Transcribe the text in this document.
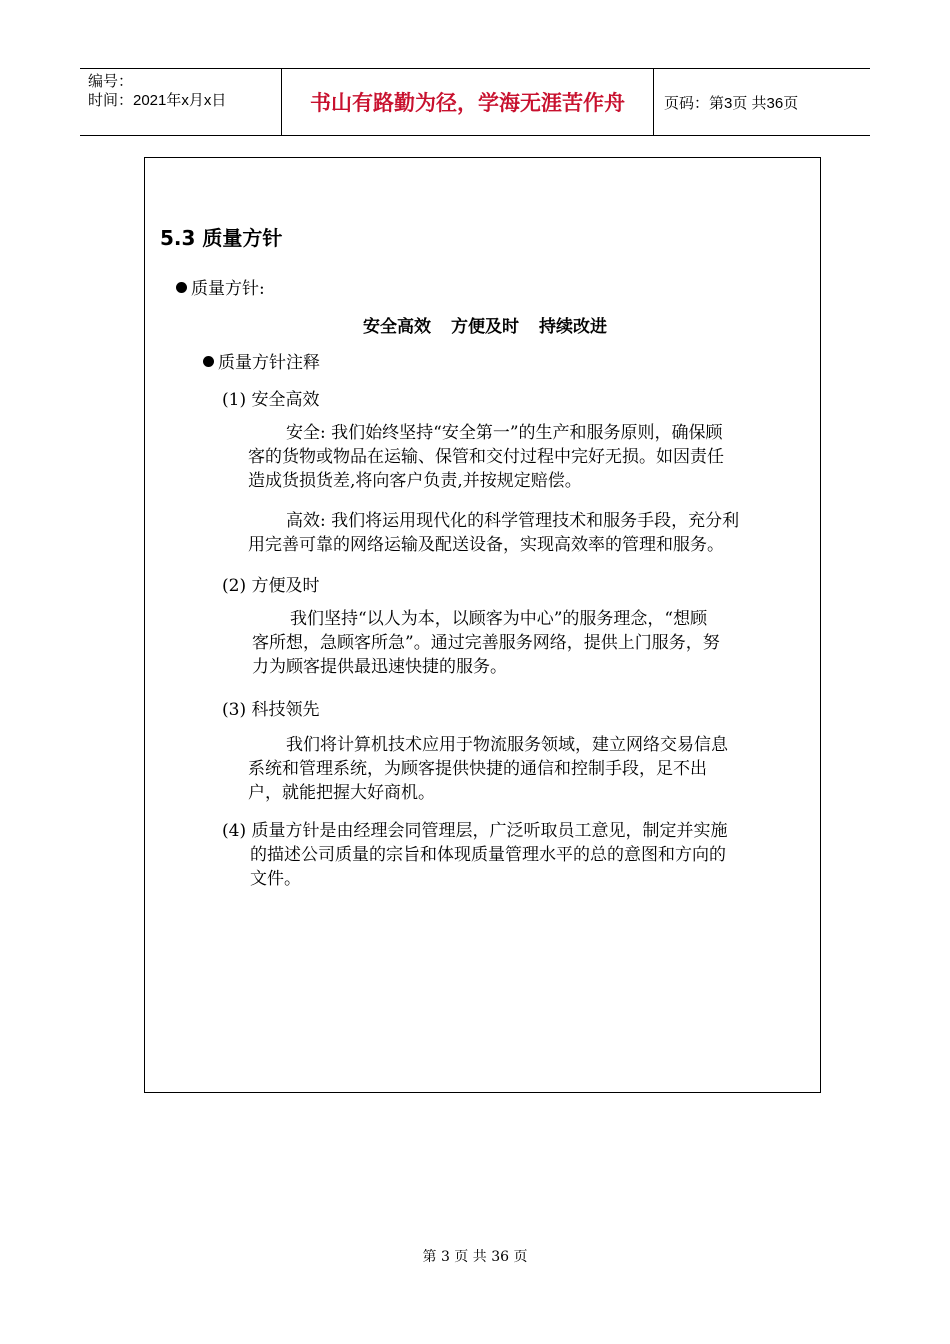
编号：
时间：2021年x月x日	书山有路勤为径，学海无涯苦作舟	页码：第3页 共36页
5.3 质量方针
质量方针:
安全高效 方便及时 持续改进
质量方针注释
(1) 安全高效
安全: 我们始终坚持“安全第一”的生产和服务原则，确保顾
客的货物或物品在运输、保管和交付过程中完好无损。如因责任
造成货损货差,将向客户负责,并按规定赔偿。
高效: 我们将运用现代化的科学管理技术和服务手段，充分利
用完善可靠的网络运输及配送设备，实现高效率的管理和服务。
(2) 方便及时
我们坚持“以人为本，以顾客为中心”的服务理念，“想顾
客所想，急顾客所急”。通过完善服务网络，提供上门服务，努
力为顾客提供最迅速快捷的服务。
(3) 科技领先
我们将计算机技术应用于物流服务领域，建立网络交易信息
系统和管理系统，为顾客提供快捷的通信和控制手段，足不出
户，就能把握大好商机。
(4) 质量方针是由经理会同管理层，广泛听取员工意见，制定并实施
的描述公司质量的宗旨和体现质量管理水平的总的意图和方向的
文件。
第 3 页 共 36 页
